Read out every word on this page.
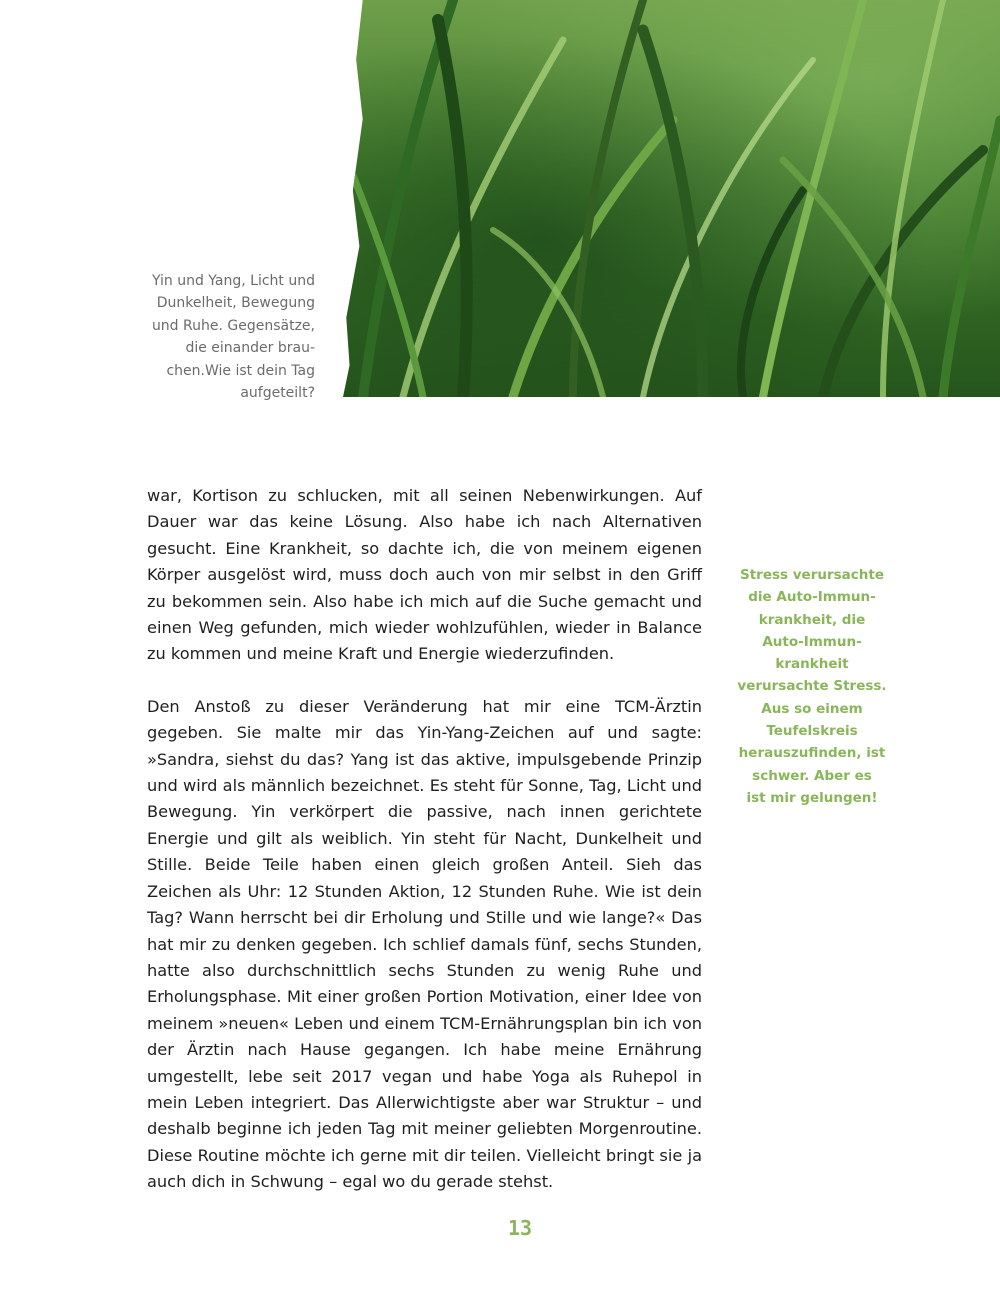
Yin und Yang, Licht und
Dunkelheit, Bewegung
und Ruhe. Gegensätze,
die einander brau-
chen.Wie ist dein Tag
aufgeteilt?

war, Kortison zu schlucken, mit all seinen Nebenwirkungen. Auf Dauer war das keine Lösung. Also habe ich nach Alternativen gesucht. Eine Krankheit, so dachte ich, die von meinem eigenen Körper ausgelöst wird, muss doch auch von mir selbst in den Griff zu bekommen sein. Also habe ich mich auf die Suche gemacht und einen Weg gefunden, mich wieder wohlzufühlen, wieder in Balance zu kommen und meine Kraft und Energie wiederzufinden.

Den Anstoß zu dieser Veränderung hat mir eine TCM-Ärztin gegeben. Sie malte mir das Yin-Yang-Zeichen auf und sagte: »Sandra, siehst du das? Yang ist das aktive, impulsgebende Prinzip und wird als männlich bezeichnet. Es steht für Sonne, Tag, Licht und Bewegung. Yin verkörpert die passive, nach innen gerichtete Energie und gilt als weiblich. Yin steht für Nacht, Dunkelheit und Stille. Beide Teile haben einen gleich großen Anteil. Sieh das Zeichen als Uhr: 12 Stunden Aktion, 12 Stunden Ruhe. Wie ist dein Tag? Wann herrscht bei dir Erholung und Stille und wie lange?« Das hat mir zu denken gegeben. Ich schlief damals fünf, sechs Stunden, hatte also durchschnittlich sechs Stunden zu wenig Ruhe und Erholungsphase. Mit einer großen Portion Motivation, einer Idee von meinem »neuen« Leben und einem TCM-Ernährungsplan bin ich von der Ärztin nach Hause gegangen. Ich habe meine Ernährung umgestellt, lebe seit 2017 vegan und habe Yoga als Ruhepol in mein Leben integriert. Das Allerwichtigste aber war Struktur – und deshalb beginne ich jeden Tag mit meiner geliebten Morgenroutine. Diese Routine möchte ich gerne mit dir teilen. Vielleicht bringt sie ja auch dich in Schwung – egal wo du gerade stehst.

Stress verursachte
die Auto-Immun-
krankheit, die
Auto-Immun-
krankheit
verursachte Stress.
Aus so einem
Teufelskreis
herauszufinden, ist
schwer. Aber es
ist mir gelungen!
13
